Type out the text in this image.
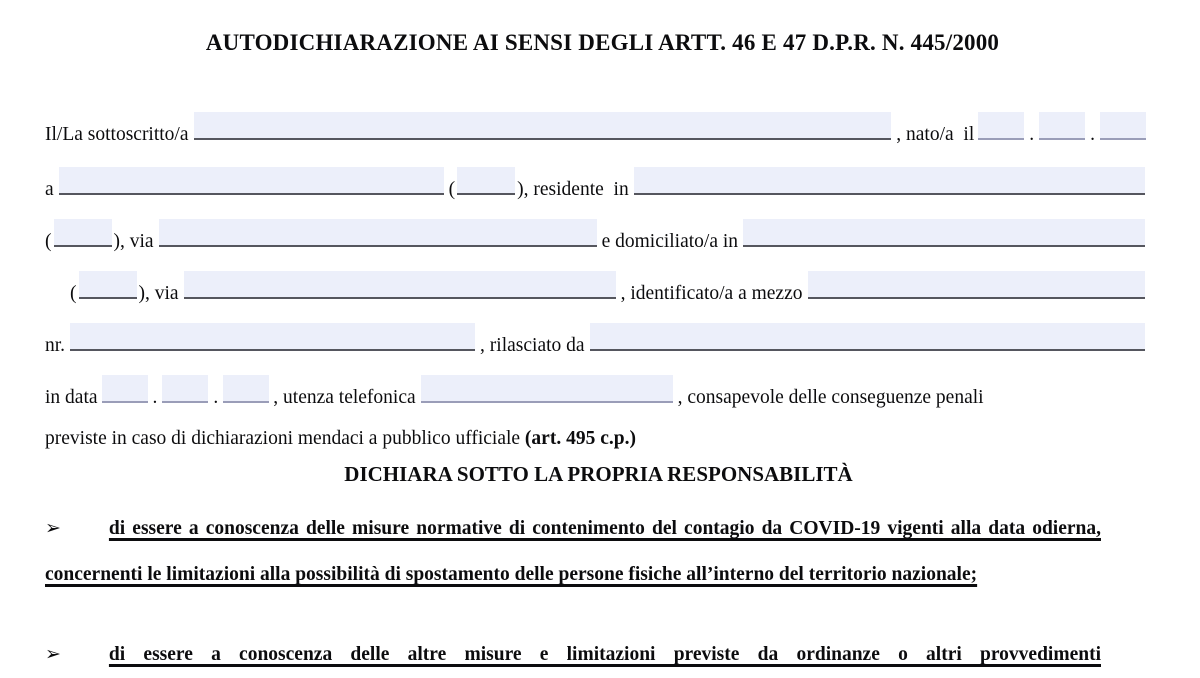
AUTODICHIARAZIONE AI SENSI DEGLI ARTT. 46 E 47 D.P.R. N. 445/2000
Il/La sottoscritto/a	, nato/a  il	.	.
a	(	), residente  in
(	), via	e domiciliato/a in
(	), via	, identificato/a a mezzo
nr.	, rilasciato da
in data	.	.	, utenza telefonica	, consapevole delle conseguenze penali
previste in caso di dichiarazioni mendaci a pubblico ufficiale (art. 495 c.p.)
DICHIARA SOTTO LA PROPRIA RESPONSABILITÀ

➢ di essere a conoscenza delle misure normative di contenimento del contagio da COVID-19 vigenti alla data odierna, concernenti le limitazioni alla possibilità di spostamento delle persone fisiche all’interno del territorio nazionale;

➢ di essere a conoscenza delle altre misure e limitazioni previste da ordinanze o altri provvedimenti
